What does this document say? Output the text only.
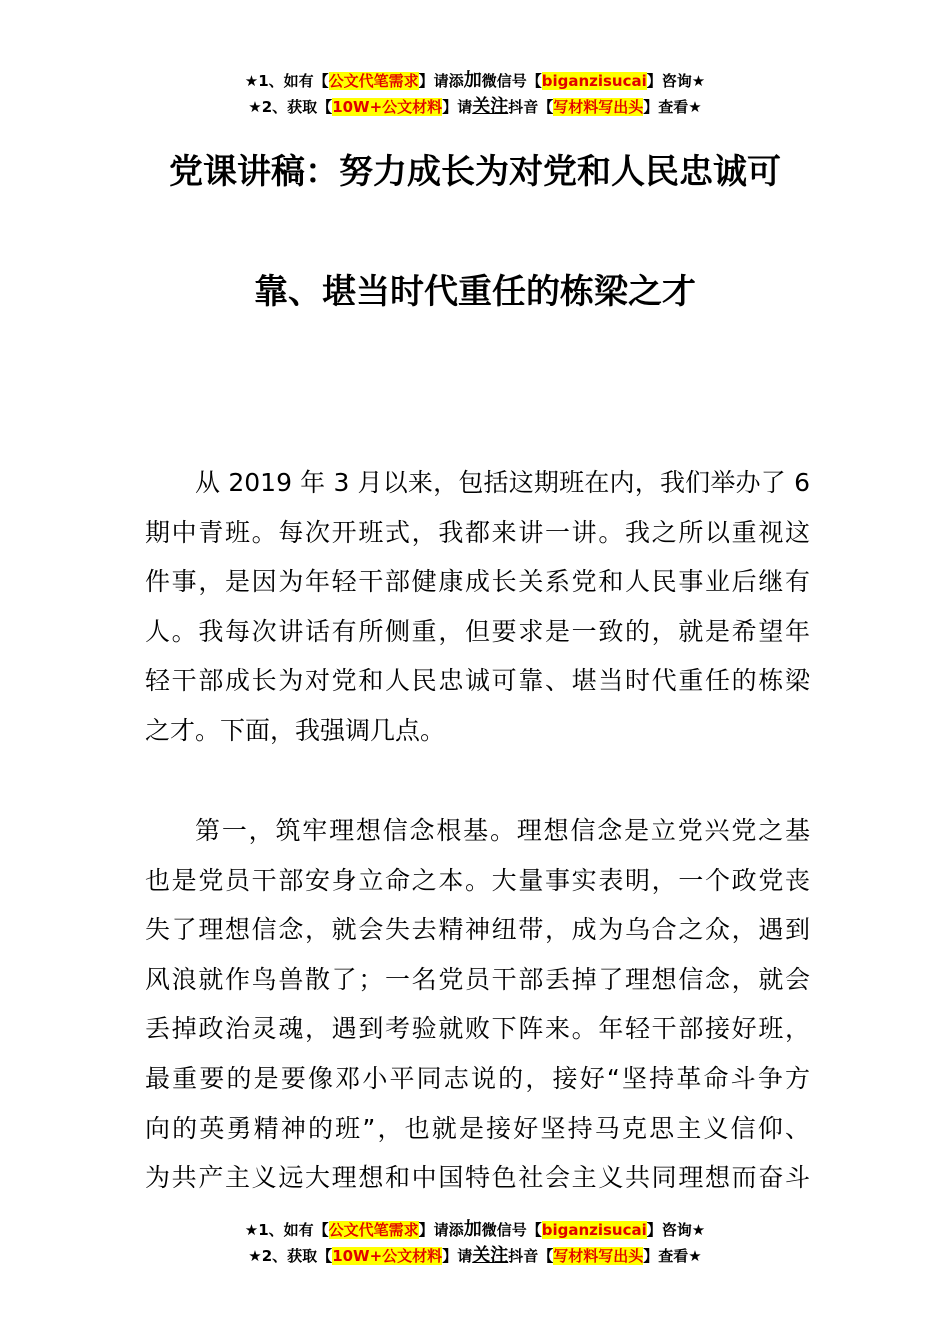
★1、如有【公文代笔需求】请添加微信号【biganzisucai】咨询★
★2、获取【10W+公文材料】请关注抖音【写材料写出头】查看★
党课讲稿：努力成长为对党和人民忠诚可
靠、堪当时代重任的栋梁之才
从 2019 年 3 月以来，包括这期班在内，我们举办了 6
期中青班。每次开班式，我都来讲一讲。我之所以重视这
件事，是因为年轻干部健康成长关系党和人民事业后继有
人。我每次讲话有所侧重，但要求是一致的，就是希望年
轻干部成长为对党和人民忠诚可靠、堪当时代重任的栋梁
之才。下面，我强调几点。
第一，筑牢理想信念根基。理想信念是立党兴党之基
也是党员干部安身立命之本。大量事实表明，一个政党丧
失了理想信念，就会失去精神纽带，成为乌合之众，遇到
风浪就作鸟兽散了；一名党员干部丢掉了理想信念，就会
丢掉政治灵魂，遇到考验就败下阵来。年轻干部接好班，
最重要的是要像邓小平同志说的，接好“坚持革命斗争方
向的英勇精神的班”，也就是接好坚持马克思主义信仰、
为共产主义远大理想和中国特色社会主义共同理想而奋斗
★1、如有【公文代笔需求】请添加微信号【biganzisucai】咨询★
★2、获取【10W+公文材料】请关注抖音【写材料写出头】查看★
